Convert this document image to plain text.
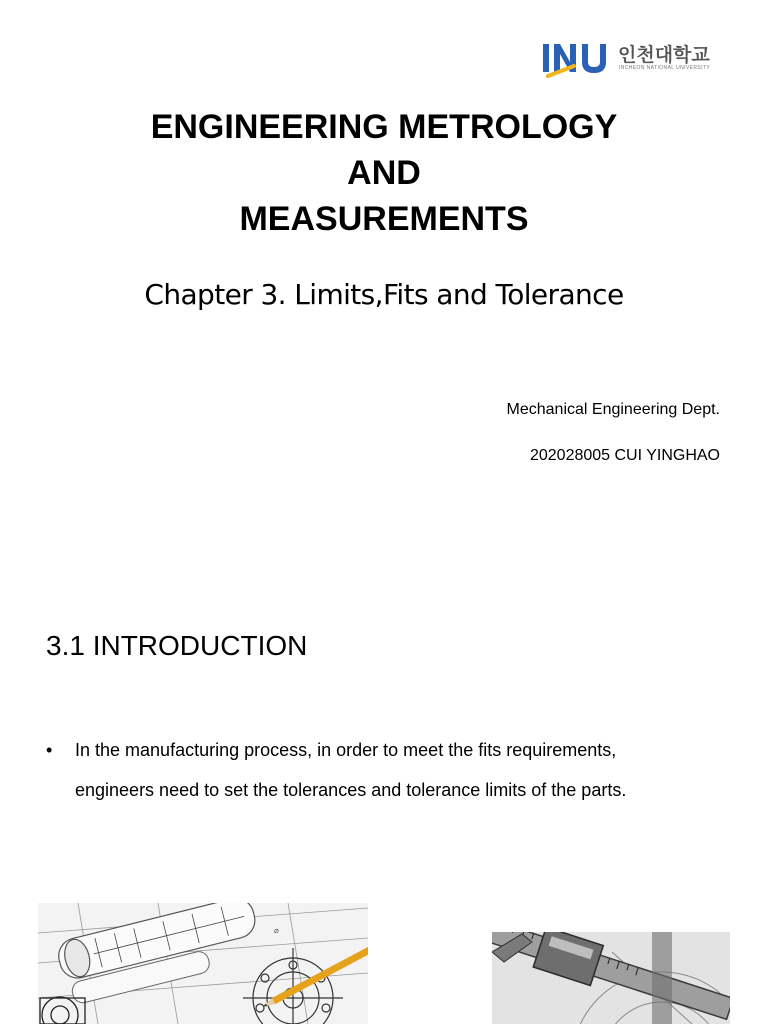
인천대학교
INCHEON NATIONAL UNIVERSITY
ENGINEERING METROLOGY
AND
MEASUREMENTS
Chapter 3. Limits,Fits and Tolerance
Mechanical Engineering Dept.
202028005 CUI YINGHAO
3.1 INTRODUCTION
• In the manufacturing process, in order to meet the fits requirements,
engineers need to set the tolerances and tolerance limits of the parts.
⌀
